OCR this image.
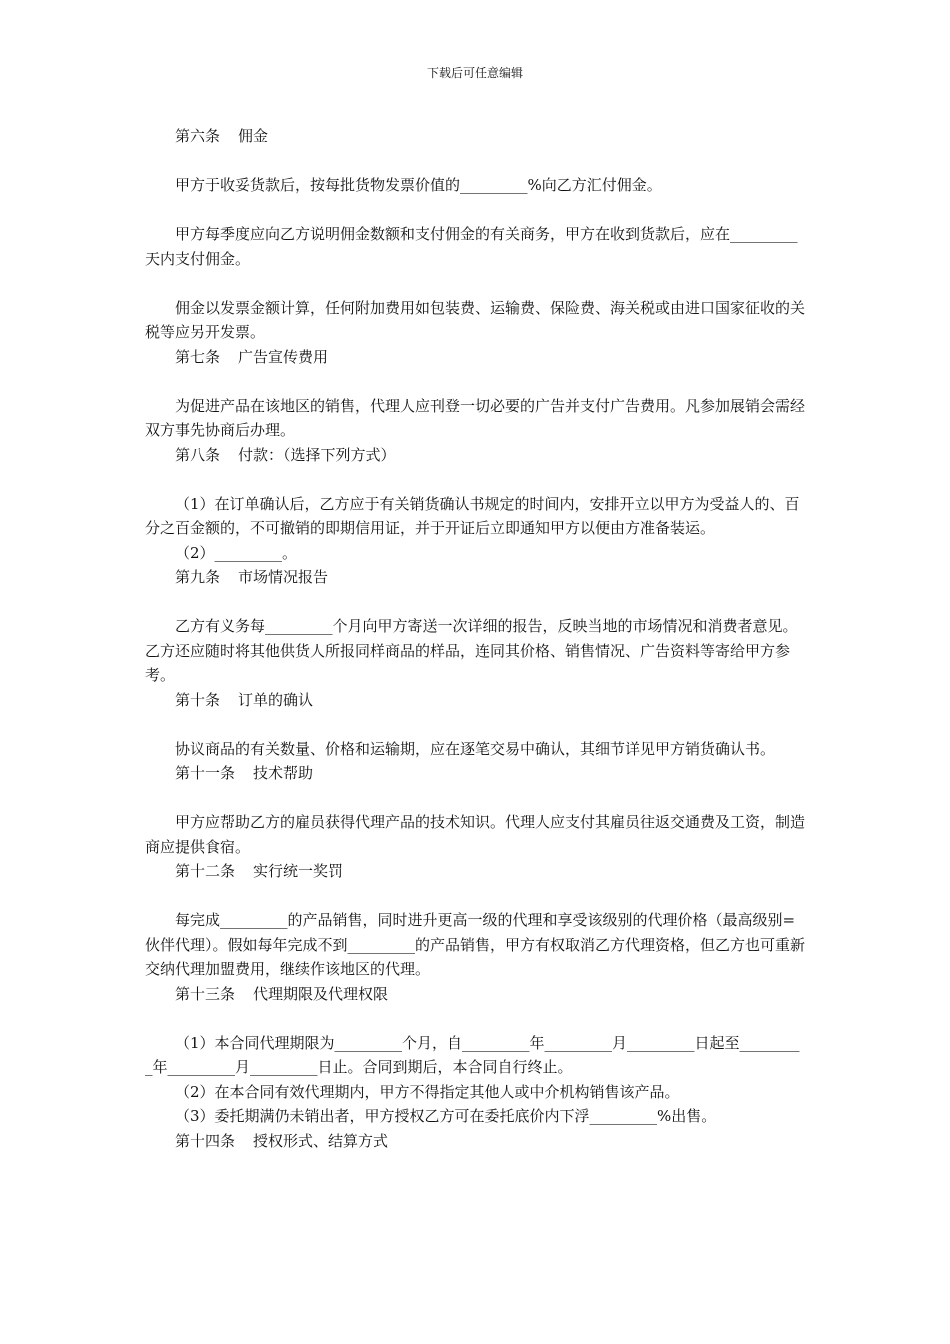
下载后可任意编辑
第六条 佣金

甲方于收妥货款后，按每批货物发票价值的_________%向乙方汇付佣金。

甲方每季度应向乙方说明佣金数额和支付佣金的有关商务，甲方在收到货款后，应在_________天内支付佣金。

佣金以发票金额计算，任何附加费用如包装费、运输费、保险费、海关税或由进口国家征收的关税等应另开发票。

第七条 广告宣传费用

为促进产品在该地区的销售，代理人应刊登一切必要的广告并支付广告费用。凡参加展销会需经双方事先协商后办理。

第八条 付款：（选择下列方式）

（1）在订单确认后，乙方应于有关销货确认书规定的时间内，安排开立以甲方为受益人的、百分之百金额的，不可撤销的即期信用证，并于开证后立即通知甲方以便由方准备装运。

（2）_________。

第九条 市场情况报告

乙方有义务每_________个月向甲方寄送一次详细的报告，反映当地的市场情况和消费者意见。乙方还应随时将其他供货人所报同样商品的样品，连同其价格、销售情况、广告资料等寄给甲方参考。

第十条 订单的确认

协议商品的有关数量、价格和运输期，应在逐笔交易中确认，其细节详见甲方销货确认书。

第十一条 技术帮助

甲方应帮助乙方的雇员获得代理产品的技术知识。代理人应支付其雇员往返交通费及工资，制造商应提供食宿。

第十二条 实行统一奖罚

每完成_________的产品销售，同时进升更高一级的代理和享受该级别的代理价格（最高级别=伙伴代理）。假如每年完成不到_________的产品销售，甲方有权取消乙方代理资格，但乙方也可重新交纳代理加盟费用，继续作该地区的代理。

第十三条 代理期限及代理权限

（1）本合同代理期限为_________个月，自_________年_________月_________日起至_________年_________月_________日止。合同到期后，本合同自行终止。

（2）在本合同有效代理期内，甲方不得指定其他人或中介机构销售该产品。

（3）委托期满仍未销出者，甲方授权乙方可在委托底价内下浮_________%出售。

第十四条 授权形式、结算方式
